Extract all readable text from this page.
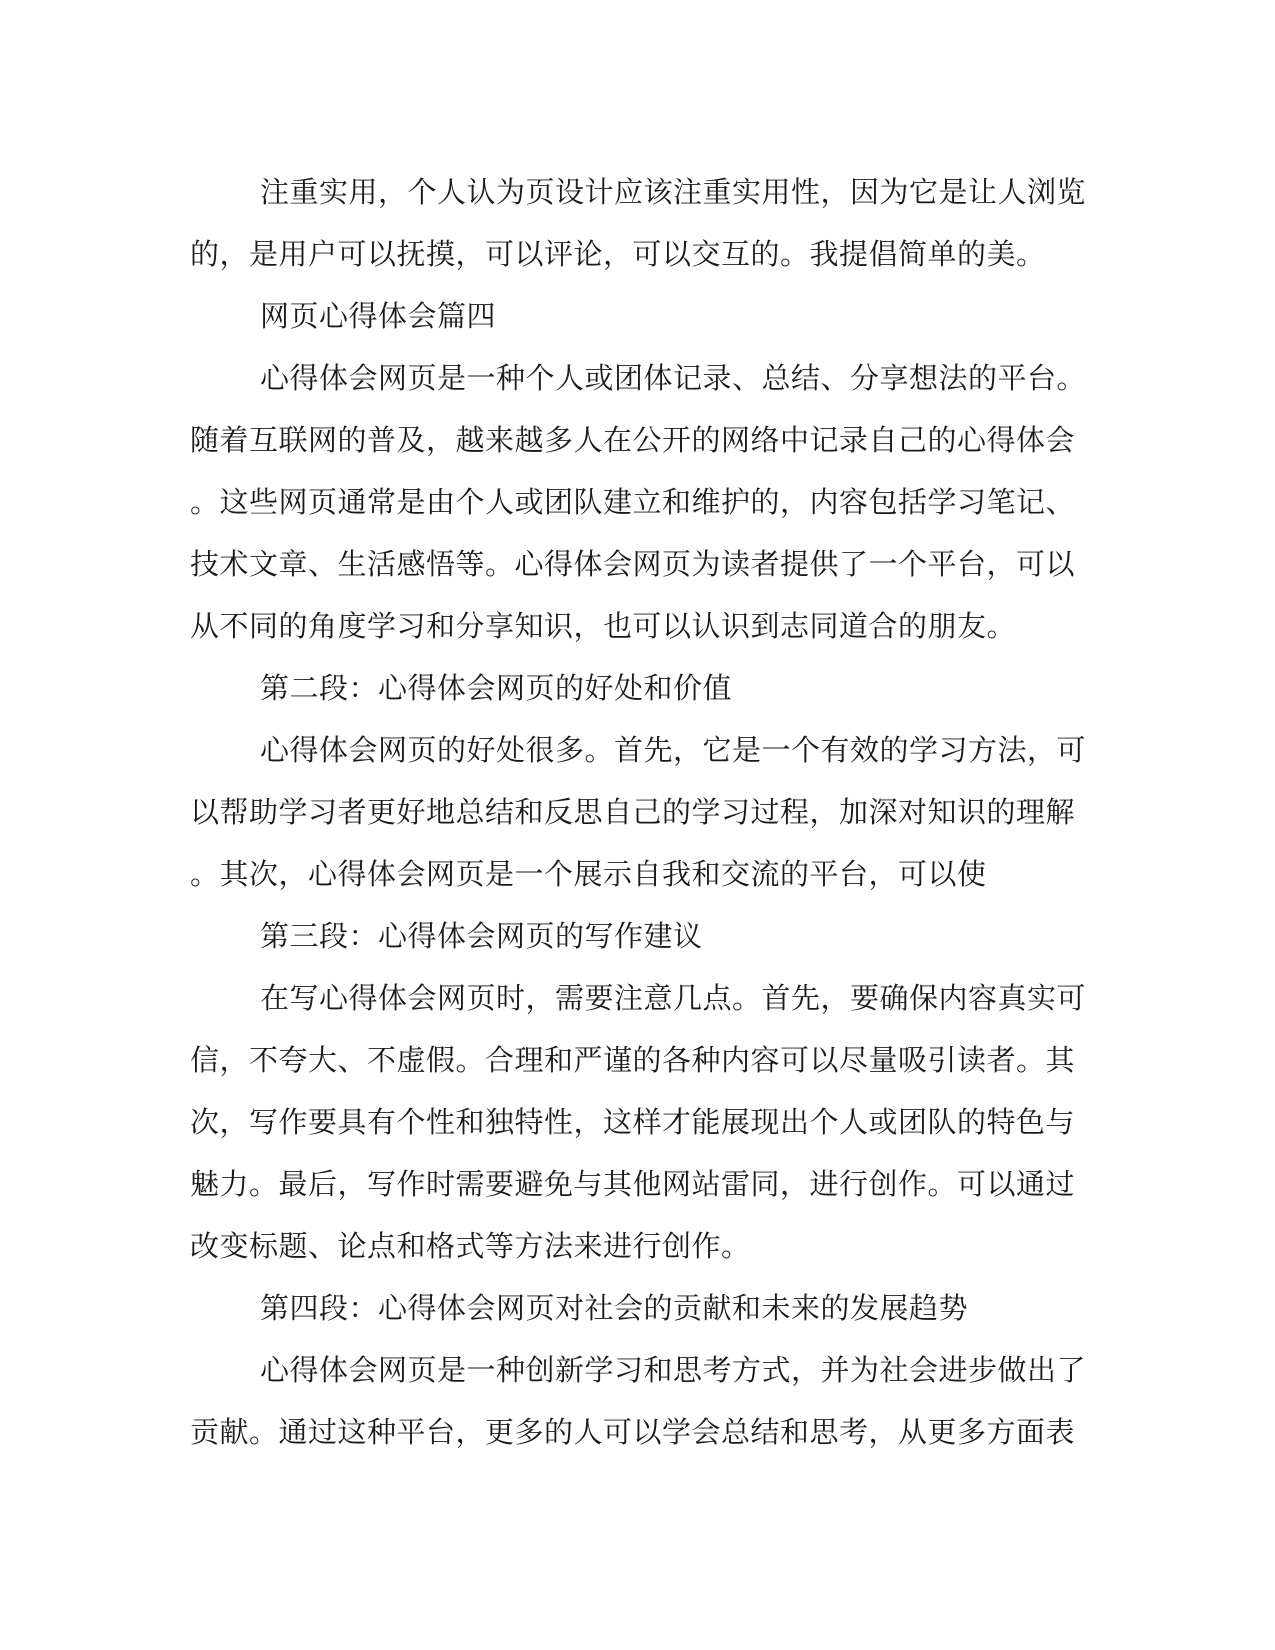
注重实用，个人认为页设计应该注重实用性，因为它是让人浏览
的，是用户可以抚摸，可以评论，可以交互的。我提倡简单的美。
网页心得体会篇四
心得体会网页是一种个人或团体记录、总结、分享想法的平台。
随着互联网的普及，越来越多人在公开的网络中记录自己的心得体会
。这些网页通常是由个人或团队建立和维护的，内容包括学习笔记、
技术文章、生活感悟等。心得体会网页为读者提供了一个平台，可以
从不同的角度学习和分享知识，也可以认识到志同道合的朋友。
第二段：心得体会网页的好处和价值
心得体会网页的好处很多。首先，它是一个有效的学习方法，可
以帮助学习者更好地总结和反思自己的学习过程，加深对知识的理解
。其次，心得体会网页是一个展示自我和交流的平台，可以使
第三段：心得体会网页的写作建议
在写心得体会网页时，需要注意几点。首先，要确保内容真实可
信，不夸大、不虚假。合理和严谨的各种内容可以尽量吸引读者。其
次，写作要具有个性和独特性，这样才能展现出个人或团队的特色与
魅力。最后，写作时需要避免与其他网站雷同，进行创作。可以通过
改变标题、论点和格式等方法来进行创作。
第四段：心得体会网页对社会的贡献和未来的发展趋势
心得体会网页是一种创新学习和思考方式，并为社会进步做出了
贡献。通过这种平台，更多的人可以学会总结和思考，从更多方面表
